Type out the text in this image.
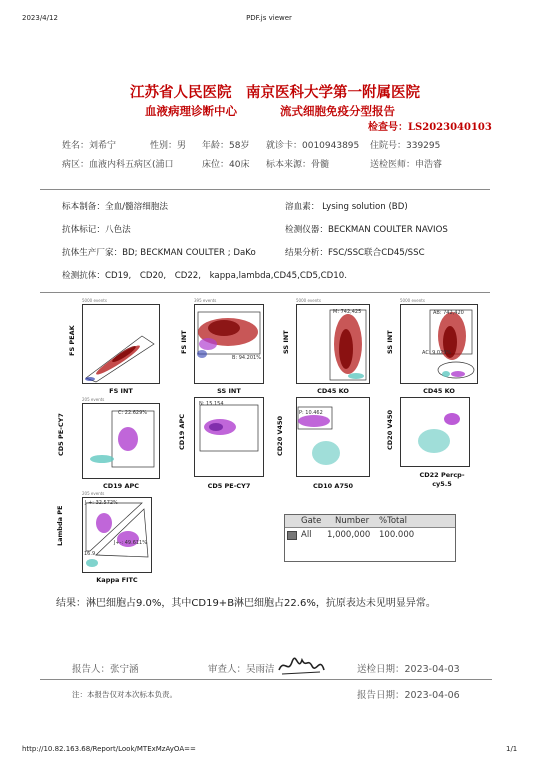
2023/4/12	PDF.js viewer
http://10.82.163.68/Report/Look/MTExMzAyOA==	1/1
江苏省人民医院　南京医科大学第一附属医院
血液病理诊断中心	流式细胞免疫分型报告
检查号：LS2023040103
姓名：刘希宁	性别：男 年龄：58岁 就诊卡：0010943895 住院号：339295
病区：血液内科五病区(浦口	床位：40床 标本来源：骨髓	送检医师：申浩睿
标本制备：全血/髓溶细胞法	溶血素： Lysing solution (BD)
抗体标记：八色法	检测仪器：BECKMAN COULTER NAVIOS
抗体生产厂家：BD; BECKMAN COULTER ; DaKo	结果分析：FSC/SSC联合CD45/SSC
检测抗体：CD19,　CD20,　CD22,　kappa,lambda,CD45,CD5,CD10.
5000 events
FS PEAK
FS INT
395 events
B: 94.201%
FS INT
SS INT
5000 events
M: 742,425
SS INT
CD45 KO
5000 events
AB: 742,420
AC: 9.029%
SS INT
CD45 KO
205 events
C: 22.629%
CD5 PE-CY7
CD19 APC
N: 15.154
CD19 APC
CD5 PE-CY7
P: 10.462
CD20 V450
CD10 A750
CD20 V450
CD22 Percp-cy5.5
205 events
J-+: 32.572%
J+-: 49.611%
16.9...
Lambda PE
Kappa FITC
Gate Number %Total
All 1,000,000 100.000
结果：淋巴细胞占9.0%，其中CD19+B淋巴细胞占22.6%，抗原表达未见明显异常。
报告人：张宁涵	审查人：吴雨洁	送检日期：2023-04-03
注：本报告仅对本次标本负责。	报告日期：2023-04-06
